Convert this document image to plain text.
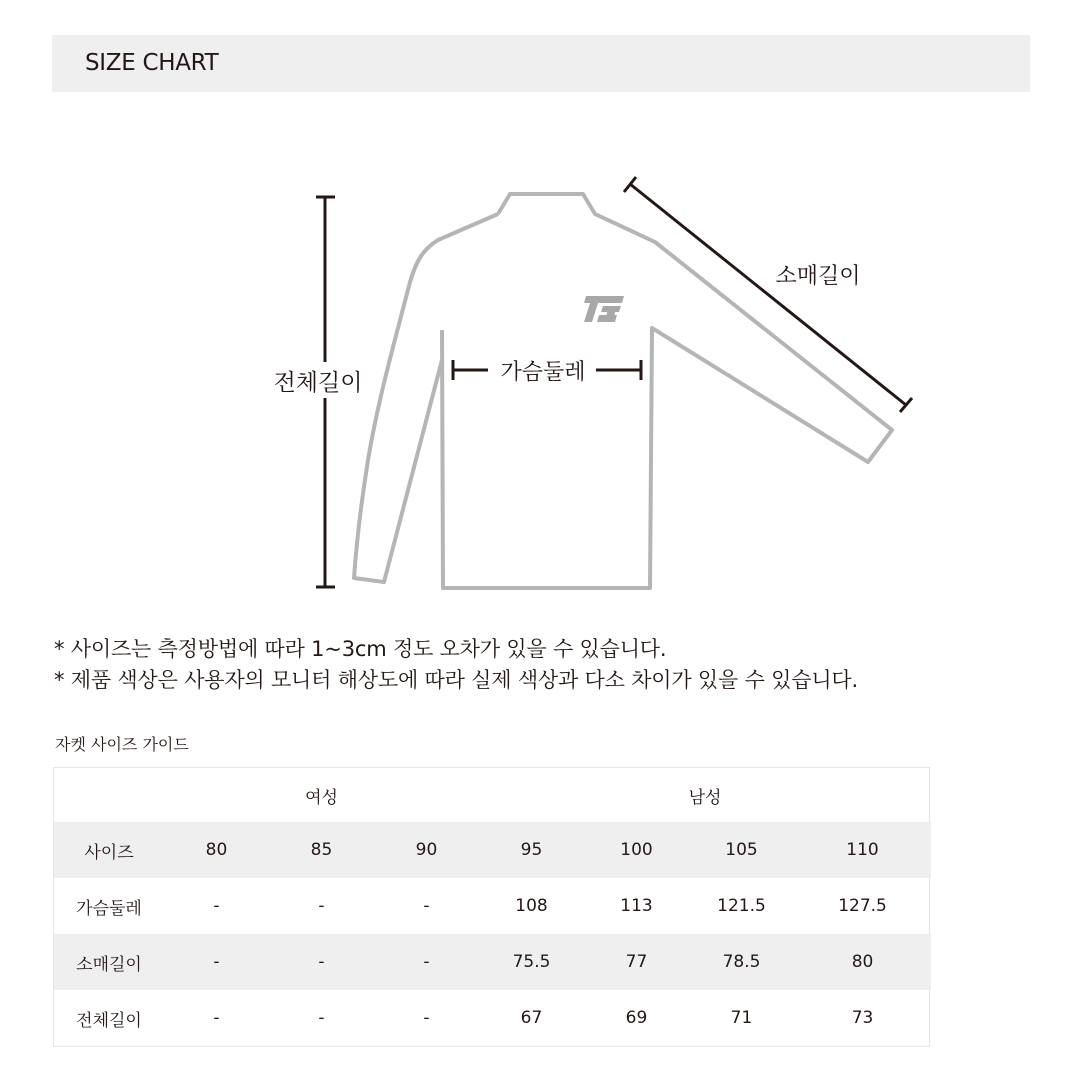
SIZE CHART
전체길이	가슴둘레
소매길이
* 사이즈는 측정방법에 따라 1~3cm 정도 오차가 있을 수 있습니다.
* 제품 색상은 사용자의 모니터 해상도에 따라 실제 색상과 다소 차이가 있을 수 있습니다.
자켓 사이즈 가이드
	여성			남성			
사이즈	80	85	90	95	100	105	110
가슴둘레	-	-	-	108	113	121.5	127.5
소매길이	-	-	-	75.5	77	78.5	80
전체길이	-	-	-	67	69	71	73
